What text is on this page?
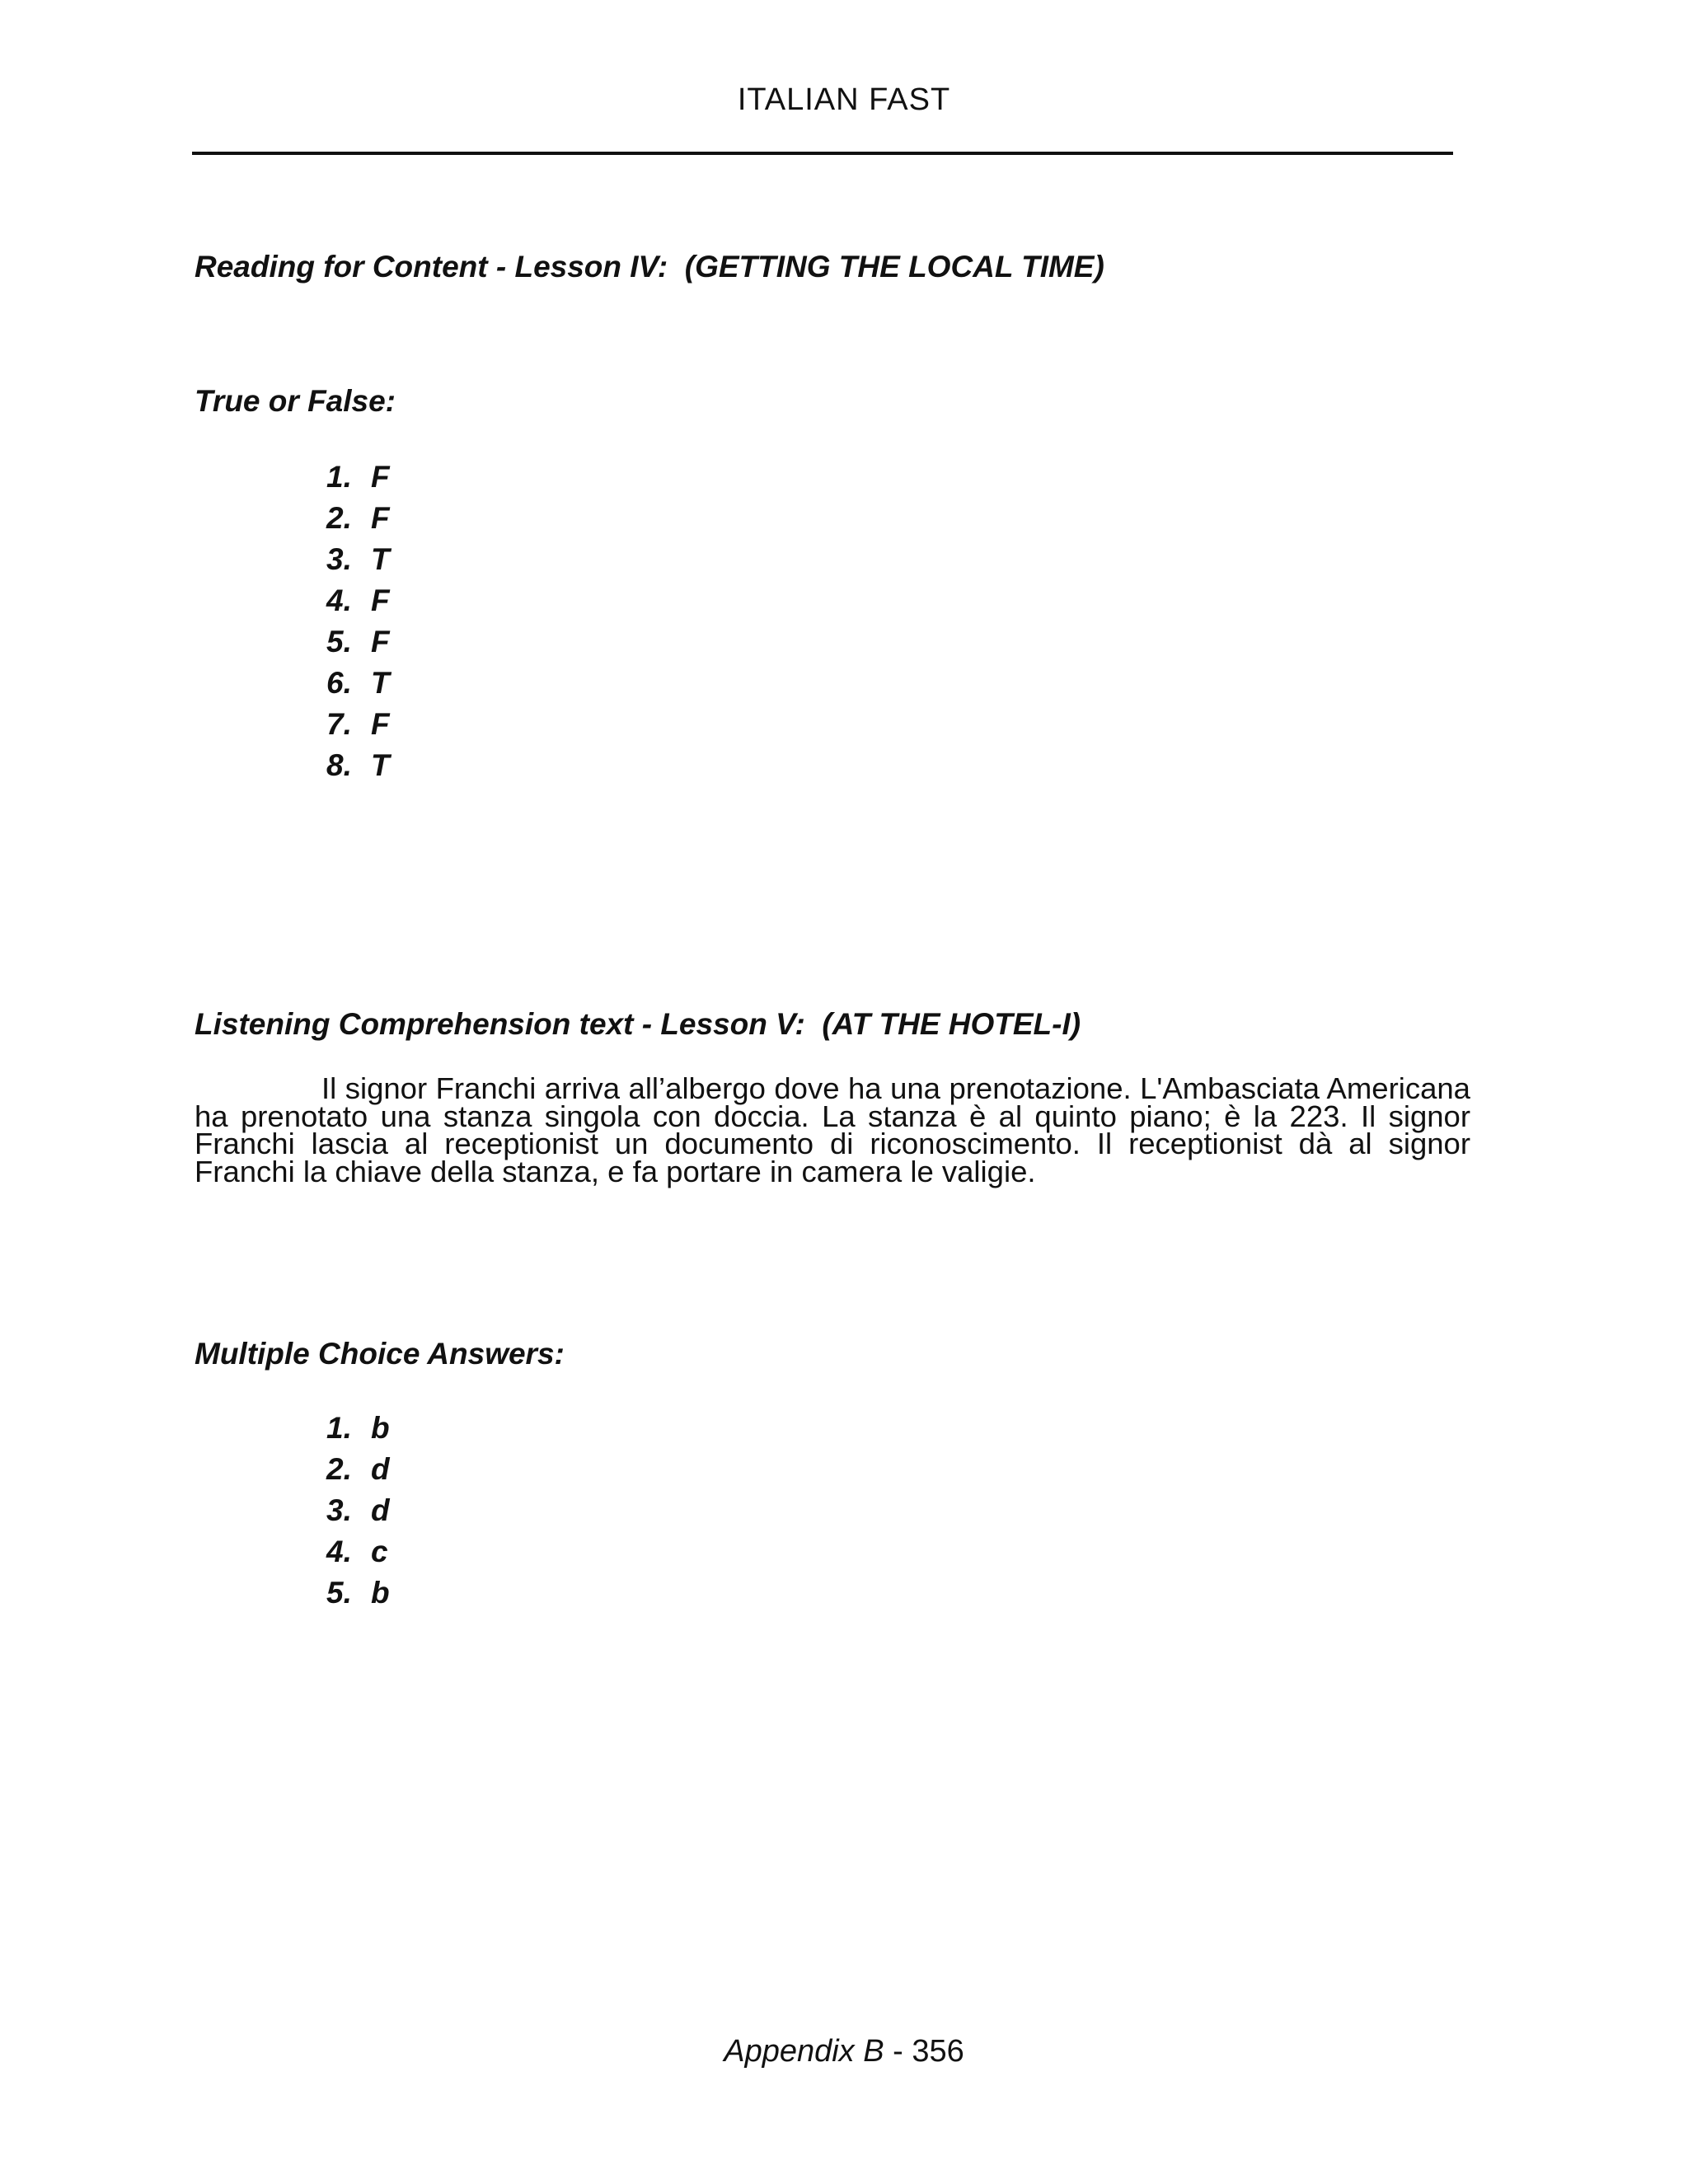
ITALIAN FAST
Reading for Content - Lesson IV:  (GETTING THE LOCAL TIME)
True or False:
1. F
2. F
3. T
4. F
5. F
6. T
7. F
8. T
Listening Comprehension text - Lesson V:  (AT THE HOTEL-I)

Il signor Franchi arriva all’albergo dove ha una prenotazione. L'Ambasciata Americana ha prenotato una stanza singola con doccia. La stanza è al quinto piano; è la 223. Il signor Franchi lascia al receptionist un documento di riconoscimento. Il receptionist dà al signor Franchi la chiave della stanza, e fa portare in camera le valigie.

Multiple Choice Answers:
1. b
2. d
3. d
4. c
5. b
Appendix B - 356
